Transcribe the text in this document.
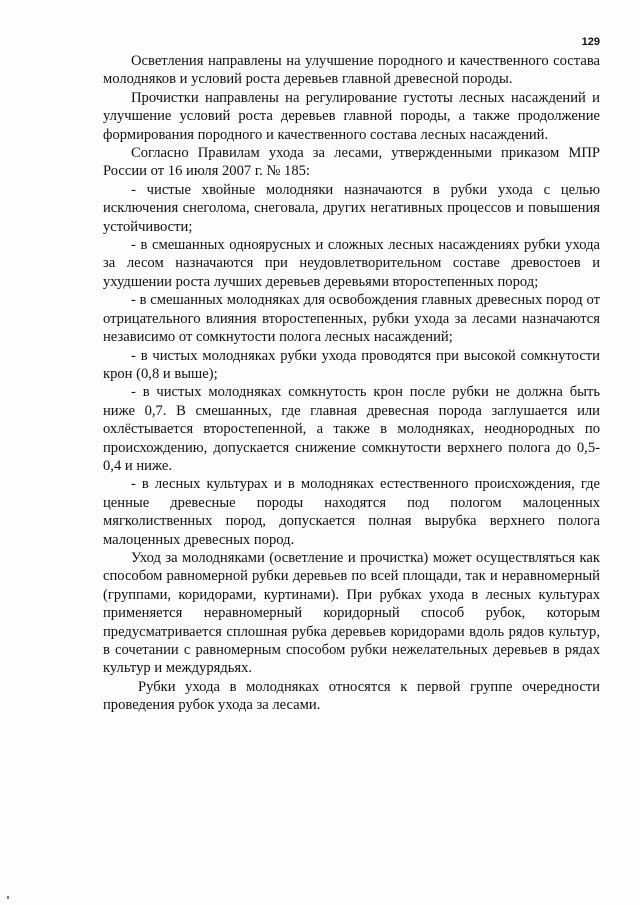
129

Осветления направлены на улучшение породного и качественного состава молодняков и условий роста деревьев главной древесной породы.

Прочистки направлены на регулирование густоты лесных насаждений и улучшение условий роста деревьев главной породы, а также продолжение формирования породного и качественного состава лесных насаждений.

Согласно Правилам ухода за лесами, утвержденными приказом МПР России от 16 июля 2007 г. № 185:

- чистые хвойные молодняки назначаются в рубки ухода с целью исключения снеголома, снеговала, других негативных процессов и повышения устойчивости;

- в смешанных одноярусных и сложных лесных насаждениях рубки ухода за лесом назначаются при неудовлетворительном составе древостоев и ухудшении роста лучших деревьев деревьями второстепенных пород;

- в смешанных молодняках для освобождения главных древесных пород от отрицательного влияния второстепенных, рубки ухода за лесами назначаются независимо от сомкнутости полога лесных насаждений;

- в чистых молодняках рубки ухода проводятся при высокой сомкнутости крон (0,8 и выше);

- в чистых молодняках сомкнутость крон после рубки не должна быть ниже 0,7. В смешанных, где главная древесная порода заглушается или охлёстывается второстепенной, а также в молодняках, неоднородных по происхождению, допускается снижение сомкнутости верхнего полога до 0,5-0,4 и ниже.

- в лесных культурах и в молодняках естественного происхождения, где ценные древесные породы находятся под пологом малоценных мягколиственных пород, допускается полная вырубка верхнего полога малоценных древесных пород.

Уход за молодняками (осветление и прочистка) может осуществляться как способом равномерной рубки деревьев по всей площади, так и неравномерный (группами, коридорами, куртинами). При рубках ухода в лесных культурах применяется неравномерный коридорный способ рубок, которым предусматривается сплошная рубка деревьев коридорами вдоль рядов культур, в сочетании с равномерным способом рубки нежелательных деревьев в рядах культур и междурядьях.

Рубки ухода в молодняках относятся к первой группе очередности проведения рубок ухода за лесами.
